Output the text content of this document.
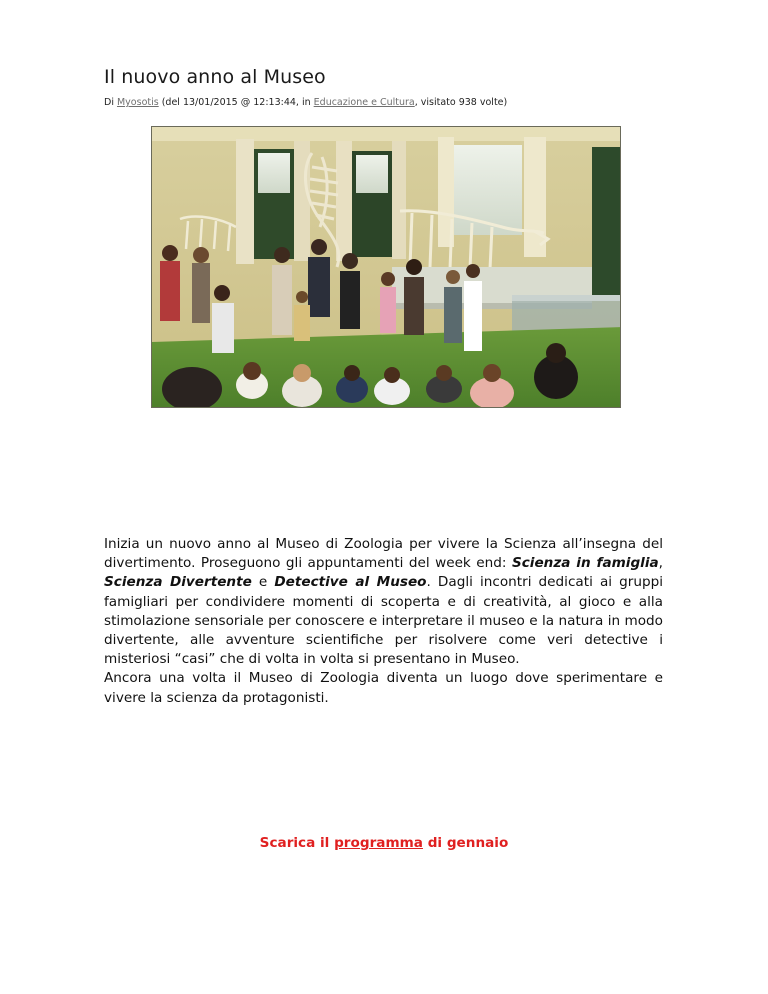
Il nuovo anno al Museo
Di Myosotis (del 13/01/2015 @ 12:13:44, in Educazione e Cultura, visitato 938 volte)

Inizia un nuovo anno al Museo di Zoologia per vivere la Scienza all’insegna del divertimento. Proseguono gli appuntamenti del week end: Scienza in famiglia, Scienza Divertente e Detective al Museo. Dagli incontri dedicati ai gruppi famigliari per condividere momenti di scoperta e di creatività, al gioco e alla stimolazione sensoriale per conoscere e interpretare il museo e la natura in modo divertente, alle avventure scientifiche per risolvere come veri detective i misteriosi “casi” che di volta in volta si presentano in Museo.

Ancora una volta il Museo di Zoologia diventa un luogo dove sperimentare e vivere la scienza da protagonisti.

Scarica il programma di gennaio
